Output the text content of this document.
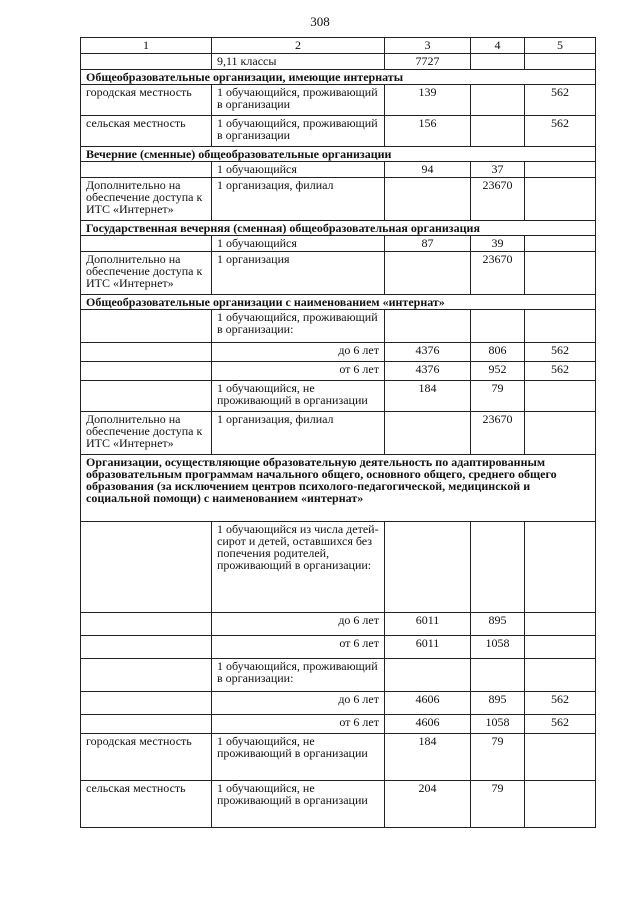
308
1	2	3	4	5
	9,11 классы	7727		
Общеобразовательные организации, имеющие интернаты				
городская местность	1 обучающийся, проживающий в организации	139		562
сельская местность	1 обучающийся, проживающий в организации	156		562
Вечерние (сменные) общеобразовательные организации				
	1 обучающийся	94	37	
Дополнительно на обеспечение доступа к ИТС «Интернет»	1 организация, филиал		23670	
Государственная вечерняя (сменная) общеобразовательная организация				
	1 обучающийся	87	39	
Дополнительно на обеспечение доступа к ИТС «Интернет»	1 организация		23670	
Общеобразовательные организации с наименованием «интернат»				
	1 обучающийся, проживающий в организации:			
	до 6 лет	4376	806	562
	от 6 лет	4376	952	562
	1 обучающийся, не проживающий в организации	184	79	
Дополнительно на обеспечение доступа к ИТС «Интернет»	1 организация, филиал		23670	
Организации, осуществляющие образовательную деятельность по адаптированным образовательным программам начального общего, основного общего, среднего общего образования (за исключением центров психолого-педагогической, медицинской и социальной помощи) с наименованием «интернат»				
	1 обучающийся из числа детей-сирот и детей, оставшихся без попечения родителей, проживающий в организации:			
	до 6 лет	6011	895	
	от 6 лет	6011	1058	
	1 обучающийся, проживающий в организации:			
	до 6 лет	4606	895	562
	от 6 лет	4606	1058	562
городская местность	1 обучающийся, не проживающий в организации	184	79	
сельская местность	1 обучающийся, не проживающий в организации	204	79	
